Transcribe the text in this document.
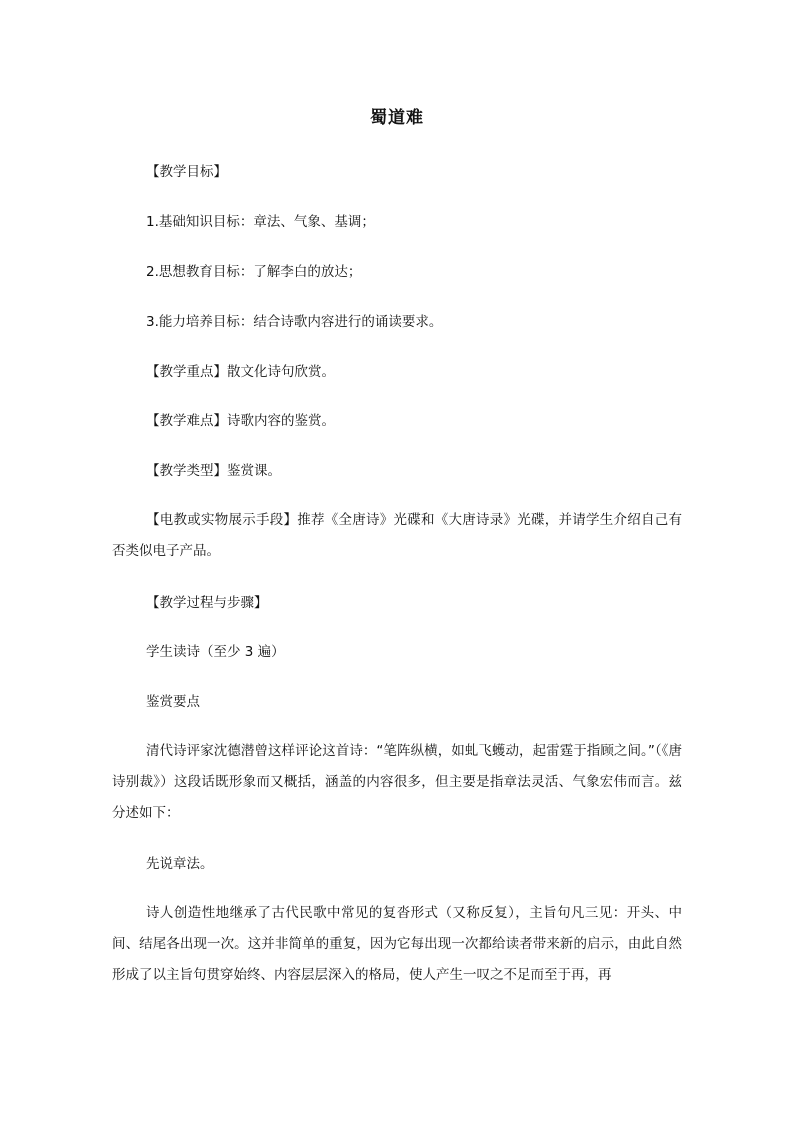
蜀道难
【教学目标】
1.基础知识目标：章法、气象、基调；
2.思想教育目标：了解李白的放达；
3.能力培养目标：结合诗歌内容进行的诵读要求。
【教学重点】散文化诗句欣赏。
【教学难点】诗歌内容的鉴赏。
【教学类型】鉴赏课。
【电教或实物展示手段】推荐《全唐诗》光碟和《大唐诗录》光碟，并请学生介绍自己有否类似电子产品。
【教学过程与步骤】
学生读诗（至少 3 遍）
鉴赏要点
清代诗评家沈德潜曾这样评论这首诗：“笔阵纵横，如虬飞蠖动，起雷霆于指顾之间。”（《唐诗别裁》）这段话既形象而又概括，涵盖的内容很多，但主要是指章法灵活、气象宏伟而言。兹分述如下：
先说章法。
诗人创造性地继承了古代民歌中常见的复沓形式（又称反复），主旨句凡三见：开头、中间、结尾各出现一次。这并非简单的重复，因为它每出现一次都给读者带来新的启示，由此自然形成了以主旨句贯穿始终、内容层层深入的格局，使人产生一叹之不足而至于再，再
